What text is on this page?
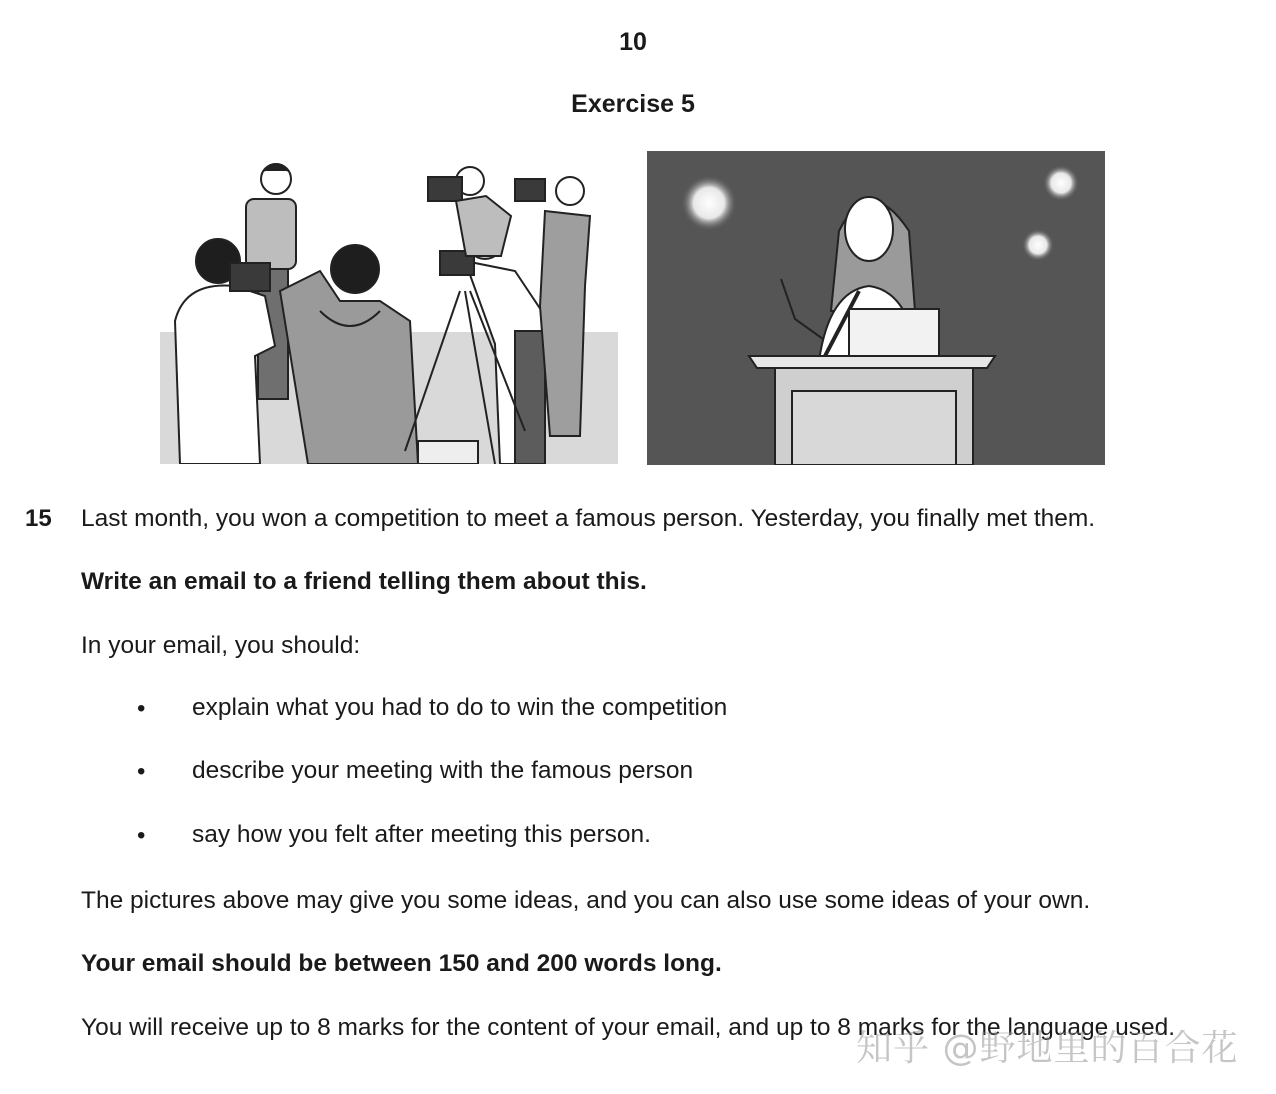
10
Exercise 5
15 Last month, you won a competition to meet a famous person. Yesterday, you finally met them.
Write an email to a friend telling them about this.
In your email, you should:
• explain what you had to do to win the competition
• describe your meeting with the famous person
• say how you felt after meeting this person.
The pictures above may give you some ideas, and you can also use some ideas of your own.
Your email should be between 150 and 200 words long.
You will receive up to 8 marks for the content of your email, and up to 8 marks for the language used.
知乎 @野地里的百合花
